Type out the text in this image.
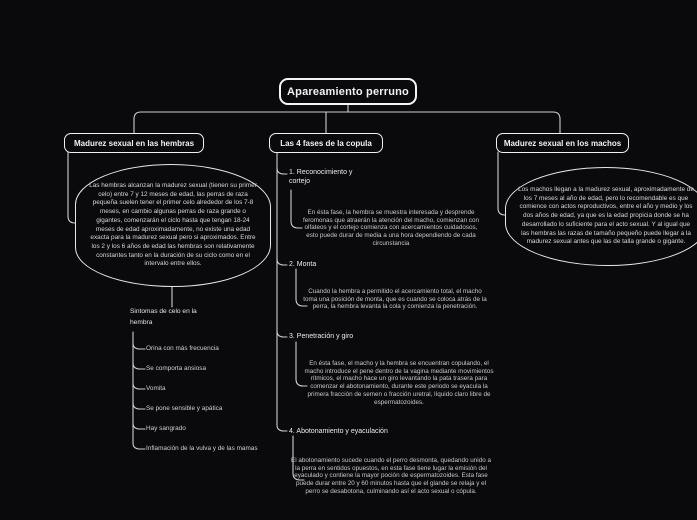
Apareamiento perruno
Madurez sexual en las hembras	Las 4 fases de la copula	Madurez sexual en los machos
Las hembras alcanzan la madurez sexual (tienen su primer celo) entre 7 y 12 meses de edad, las perras de raza pequeña suelen tener el primer celo alrededor de los 7-8 meses, en cambio algunas perras de raza grande o gigantes, comenzarán el ciclo hasta que tengan 18-24 meses de edad aproximadamente, no existe una edad exacta para la madurez sexual pero si aproximados. Entre los 2 y los 6 años de edad las hembras son relativamente constantes tanto en la duración de su ciclo como en el intervalo entre ellos.
Los machos llegan a la madurez sexual, aproximadamente de los 7 meses al año de edad, pero lo recomendable es que comience con actos reproductivos, entre el año y medio y los dos años de edad, ya que es la edad propicia donde se ha desarrollado lo suficiente para el acto sexual. Y al igual que las hembras las razas de tamaño pequeño puede llegar a la madurez sexual antes que las de talla grande o gigante.
Sintomas de celo en la hembra
Orina con más frecuencia
Se comporta ansiosa
Vomita
Se pone sensible y apática
Hay sangrado
Inflamación de la vulva y de las mamas
1. Reconocimiento y cortejo
En ésta fase, la hembra se muestra interesada y desprende feromonas que atraerán la atención del macho, comienzan con olfateos y el cortejo comienza con acercamientos cuidadosos, esto puede durar de media a una hora dependiendo de cada circunstancia
2. Monta
Cuando la hembra a permitido el acercamiento total, el macho toma una posición de monta, que es cuando se coloca atrás de la perra, la hembra levanta la cola y comienza la penetración.
3. Penetración y giro
En ésta fase, el macho y la hembra se encuentran copulando, el macho introduce el pene dentro de la vagina mediante movimientos rítmicos, el macho hace un giro levantando la pata trasera para comenzar el abotonamiento, durante este periodo se eyacula la primera fracción de semen o fracción uretral, líquido claro libre de espermatozoides.
4. Abotonamiento y eyaculación
El abotonamiento sucede cuando el perro desmonta, quedando unido a la perra en sentidos opuestos, en esta fase tiene lugar la emisión del eyaculado y contiene la mayor poción de espermatozoides. Esta fase puede durar entre 20 y 60 minutos hasta que el glande se relaja y el perro se desabotona, culminando así el acto sexual o cópula.
